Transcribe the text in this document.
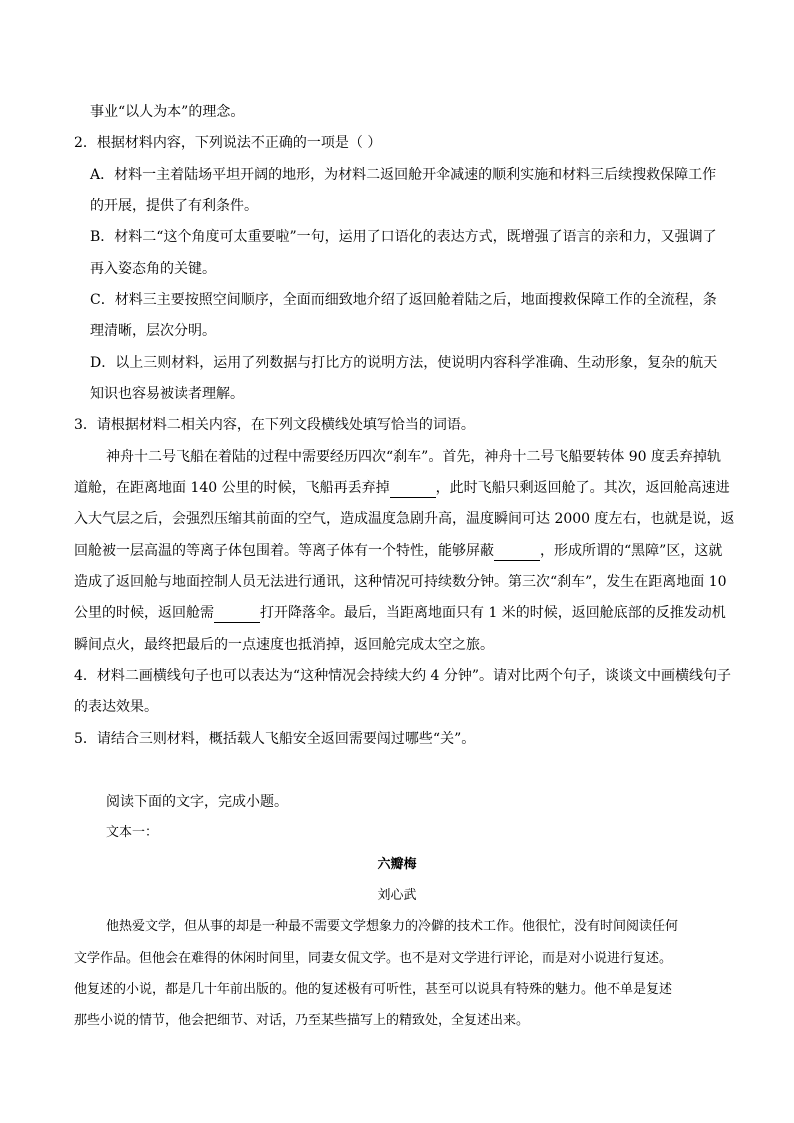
事业“以人为本”的理念。

2．根据材料内容，下列说法不正确的一项是（ ）

A．材料一主着陆场平坦开阔的地形，为材料二返回舱开伞减速的顺利实施和材料三后续搜救保障工作

的开展，提供了有利条件。

B．材料二“这个角度可太重要啦”一句，运用了口语化的表达方式，既增强了语言的亲和力，又强调了

再入姿态角的关键。

C．材料三主要按照空间顺序，全面而细致地介绍了返回舱着陆之后，地面搜救保障工作的全流程，条

理清晰，层次分明。

D．以上三则材料，运用了列数据与打比方的说明方法，使说明内容科学准确、生动形象，复杂的航天

知识也容易被读者理解。

3．请根据材料二相关内容，在下列文段横线处填写恰当的词语。

神舟十二号飞船在着陆的过程中需要经历四次“刹车”。首先，神舟十二号飞船要转体 90 度丢弃掉轨

道舱，在距离地面 140 公里的时候，飞船再丢弃掉	，此时飞船只剩返回舱了。其次，返回舱高速进

入大气层之后，会强烈压缩其前面的空气，造成温度急剧升高，温度瞬间可达 2000 度左右，也就是说，返

回舱被一层高温的等离子体包围着。等离子体有一个特性，能够屏蔽	，形成所谓的“黑障”区，这就

造成了返回舱与地面控制人员无法进行通讯，这种情况可持续数分钟。第三次“刹车”，发生在距离地面 10

公里的时候，返回舱需	打开降落伞。最后，当距离地面只有 1 米的时候，返回舱底部的反推发动机

瞬间点火，最终把最后的一点速度也抵消掉，返回舱完成太空之旅。

4．材料二画横线句子也可以表达为“这种情况会持续大约 4 分钟”。请对比两个句子，谈谈文中画横线句子

的表达效果。

5．请结合三则材料，概括载人飞船安全返回需要闯过哪些“关”。

阅读下面的文字，完成小题。

文本一：

六瓣梅

刘心武

他热爱文学，但从事的却是一种最不需要文学想象力的冷僻的技术工作。他很忙，没有时间阅读任何

文学作品。但他会在难得的休闲时间里，同妻女侃文学。也不是对文学进行评论，而是对小说进行复述。

他复述的小说，都是几十年前出版的。他的复述极有可听性，甚至可以说具有特殊的魅力。他不单是复述

那些小说的情节，他会把细节、对话，乃至某些描写上的精致处，全复述出来。
